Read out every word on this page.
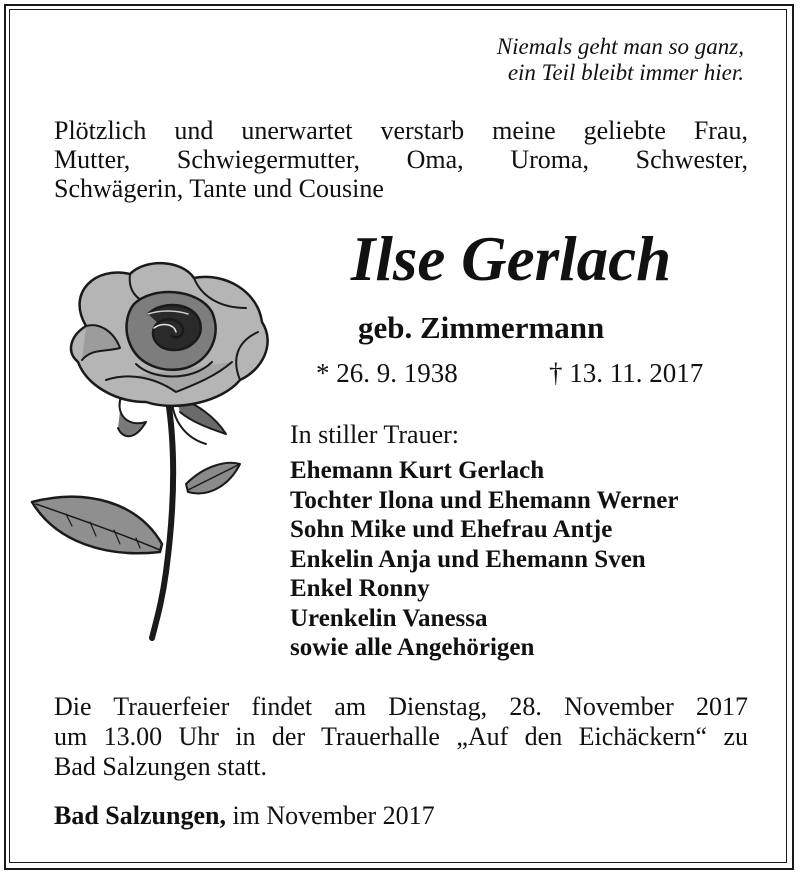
Niemals geht man so ganz,
ein Teil bleibt immer hier.
Plötzlich und unerwartet verstarb meine geliebte Frau,
Mutter, Schwiegermutter, Oma, Uroma, Schwester,
Schwägerin, Tante und Cousine
Ilse Gerlach
geb. Zimmermann
* 26. 9. 1938	† 13. 11. 2017
In stiller Trauer:
Ehemann Kurt Gerlach
Tochter Ilona und Ehemann Werner
Sohn Mike und Ehefrau Antje
Enkelin Anja und Ehemann Sven
Enkel Ronny
Urenkelin Vanessa
sowie alle Angehörigen
Die Trauerfeier findet am Dienstag, 28. November 2017
um 13.00 Uhr in der Trauerhalle „Auf den Eichäckern“ zu
Bad Salzungen statt.
Bad Salzungen, im November 2017
